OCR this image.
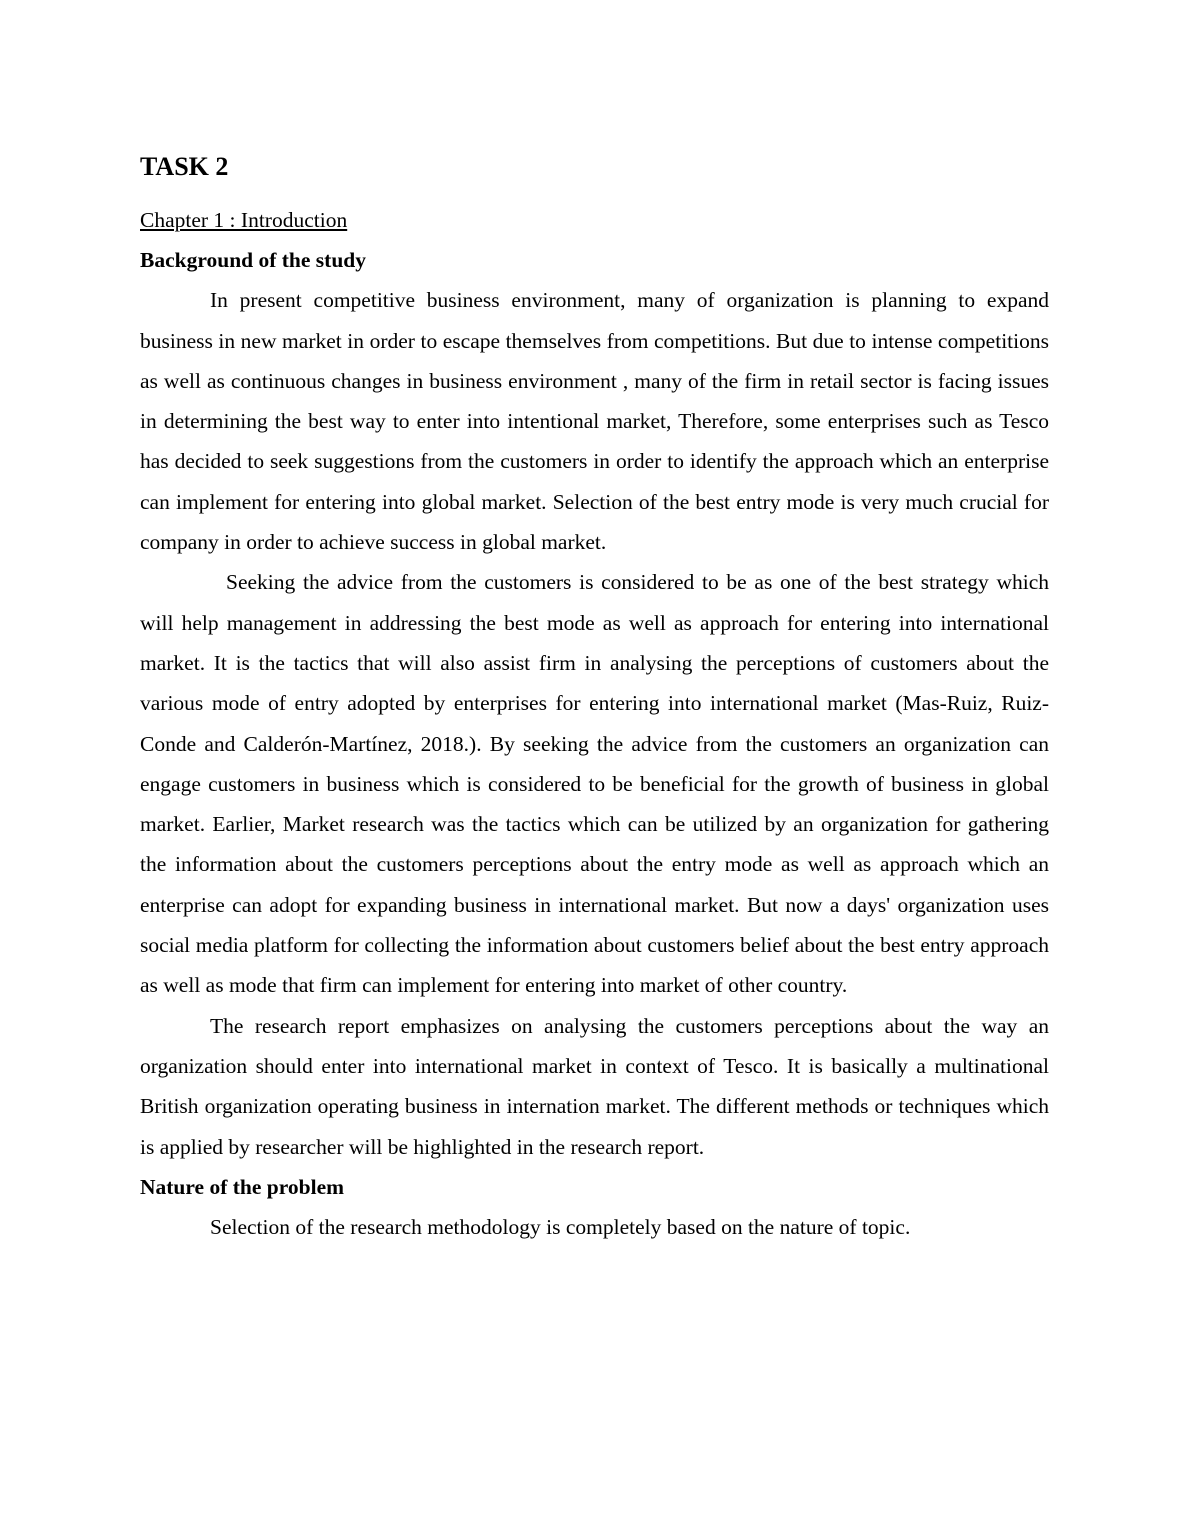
TASK 2

Chapter 1 : Introduction

Background of the study

In present competitive business environment, many of organization is planning to expand business in new market in order to escape themselves from competitions. But due to intense competitions as well as continuous changes in business environment , many of the firm in retail sector is facing issues in determining the best way to enter into intentional market, Therefore, some enterprises such as Tesco has decided to seek suggestions from the customers in order to identify the approach which an enterprise can implement for entering into global market. Selection of the best entry mode is very much crucial for company in order to achieve success in global market.

Seeking the advice from the customers is considered to be as one of the best strategy which will help management in addressing the best mode as well as approach for entering into international market. It is the tactics that will also assist firm in analysing the perceptions of customers about the various mode of entry adopted by enterprises for entering into international market (Mas-Ruiz, Ruiz-Conde and Calderón-Martínez, 2018.). By seeking the advice from the customers an organization can engage customers in business which is considered to be beneficial for the growth of business in global market. Earlier, Market research was the tactics which can be utilized by an organization for gathering the information about the customers perceptions about the entry mode as well as approach which an enterprise can adopt for expanding business in international market. But now a days' organization uses social media platform for collecting the information about customers belief about the best entry approach as well as mode that firm can implement for entering into market of other country.

The research report emphasizes on analysing the customers perceptions about the way an organization should enter into international market in context of Tesco. It is basically a multinational British organization operating business in internation market. The different methods or techniques which is applied by researcher will be highlighted in the research report.

Nature of the problem

Selection of the research methodology is completely based on the nature of topic.
